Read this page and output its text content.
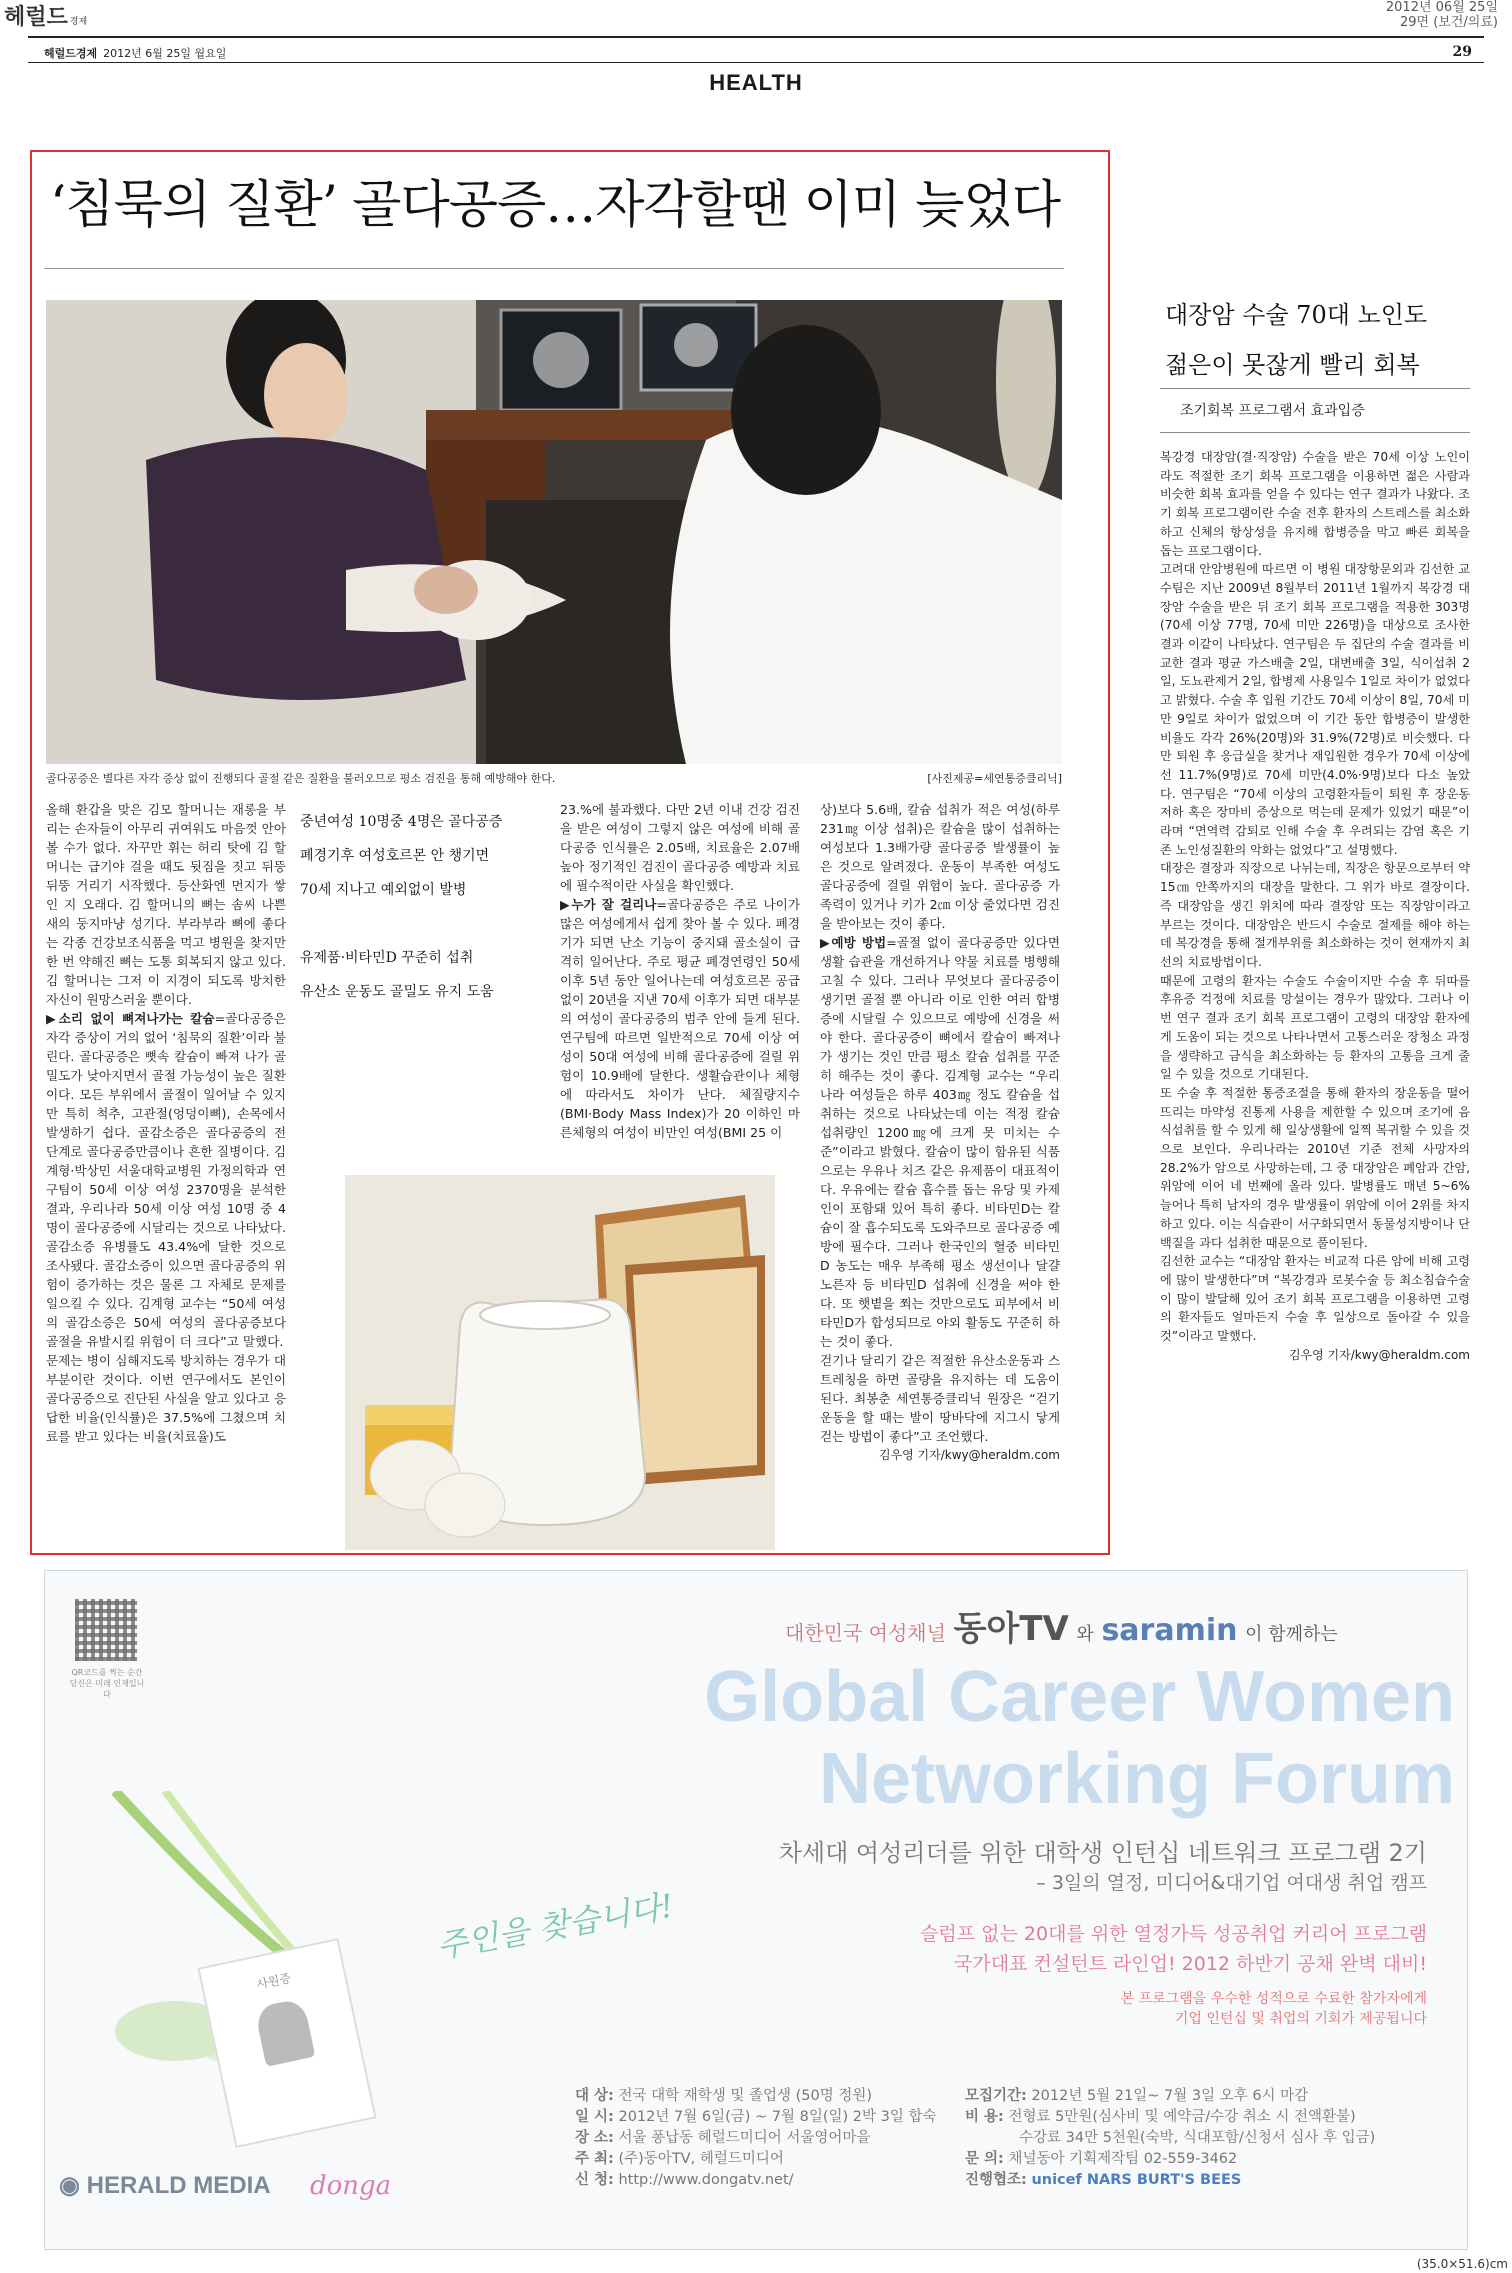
헤럴드 경제
2012년 06월 25일
29면 (보건/의료)
헤럴드경제 2012년 6월 25일 월요일	29
HEALTH
‘침묵의 질환’ 골다공증…자각할땐 이미 늦었다
골다공증은 별다른 자각 증상 없이 진행되다 골절 같은 질환을 불러오므로 평소 검진을 통해 예방해야 한다.	[사진제공=세연통증클리닉]
올해 환갑을 맞은 김모 할머니는 재롱을 부리는 손자들이 아무리 귀여워도 마음껏 안아볼 수가 없다. 자꾸만 휘는 허리 탓에 김 할머니는 급기야 걸을 때도 뒷짐을 짓고 뒤뚱뒤뚱 거리기 시작했다. 등산화엔 먼지가 쌓인 지 오래다. 김 할머니의 뼈는 솜씨 나쁜 새의 둥지마냥 성기다. 부라부라 뼈에 좋다는 각종 건강보조식품을 먹고 병원을 찾지만 한 번 약해진 뼈는 도통 회복되지 않고 있다. 김 할머니는 그저 이 지경이 되도록 방치한 자신이 원망스러울 뿐이다.
▶소리 없이 뼈져나가는 칼슘=골다공증은 자각 증상이 거의 없어 ‘침묵의 질환’이라 불린다. 골다공증은 뼛속 칼슘이 빠져 나가 골밀도가 낮아지면서 골절 가능성이 높은 질환이다. 모든 부위에서 골절이 일어날 수 있지만 특히 척추, 고관절(엉덩이뼈), 손목에서 발생하기 쉽다. 골감소증은 골다공증의 전 단계로 골다공증만큼이나 흔한 질병이다. 김계형·박상민 서울대학교병원 가정의학과 연구팀이 50세 이상 여성 2370명을 분석한 결과, 우리나라 50세 이상 여성 10명 중 4명이 골다공증에 시달리는 것으로 나타났다. 골감소증 유병률도 43.4%에 달한 것으로 조사됐다. 골감소증이 있으면 골다공증의 위험이 증가하는 것은 물론 그 자체로 문제를 일으킬 수 있다. 김계형 교수는 “50세 여성의 골감소증은 50세 여성의 골다공증보다 골절을 유발시킬 위험이 더 크다”고 말했다.
문제는 병이 심해지도록 방치하는 경우가 대부분이란 것이다. 이번 연구에서도 본인이 골다공증으로 진단된 사실을 알고 있다고 응답한 비율(인식률)은 37.5%에 그쳤으며 치료를 받고 있다는 비율(치료율)도
중년여성 10명중 4명은 골다공증
폐경기후 여성호르몬 안 챙기면
70세 지나고 예외없이 발병
유제품·비타민D 꾸준히 섭취
유산소 운동도 골밀도 유지 도움
23.%에 불과했다. 다만 2년 이내 건강 검진을 받은 여성이 그렇지 않은 여성에 비해 골다공증 인식률은 2.05배, 치료율은 2.07배 높아 정기적인 검진이 골다공증 예방과 치료에 필수적이란 사실을 확인했다.
▶누가 잘 걸리나=골다공증은 주로 나이가 많은 여성에게서 쉽게 찾아 볼 수 있다. 폐경기가 되면 난소 기능이 중지돼 골소실이 급격히 일어난다. 주로 평균 폐경연령인 50세 이후 5년 동안 일어나는데 여성호르몬 공급 없이 20년을 지낸 70세 이후가 되면 대부분의 여성이 골다공증의 범주 안에 들게 된다. 연구팀에 따르면 일반적으로 70세 이상 여성이 50대 여성에 비해 골다공증에 걸릴 위험이 10.9배에 달한다. 생활습관이나 체형에 따라서도 차이가 난다. 체질량지수(BMI·Body Mass Index)가 20 이하인 마른체형의 여성이 비만인 여성(BMI 25 이
상)보다 5.6배, 칼슘 섭취가 적은 여성(하루 231㎎ 이상 섭취)은 칼슘을 많이 섭취하는 여성보다 1.3배가량 골다공증 발생률이 높은 것으로 알려졌다. 운동이 부족한 여성도 골다공증에 걸릴 위험이 높다. 골다공증 가족력이 있거나 키가 2㎝ 이상 줄었다면 검진을 받아보는 것이 좋다.
▶예방 방법=골절 없이 골다공증만 있다면 생활 습관을 개선하거나 약물 치료를 병행해 고칠 수 있다. 그러나 무엇보다 골다공증이 생기면 골절 뿐 아니라 이로 인한 여러 합병증에 시달릴 수 있으므로 예방에 신경을 써야 한다. 골다공증이 뼈에서 칼슘이 빠져나가 생기는 것인 만큼 평소 칼슘 섭취를 꾸준히 해주는 것이 좋다. 김계형 교수는 “우리나라 여성들은 하루 403㎎ 정도 칼슘을 섭취하는 것으로 나타났는데 이는 적정 칼슘 섭취량인 1200㎎에 크게 못 미치는 수준”이라고 밝혔다. 칼슘이 많이 함유된 식품으로는 우유나 치즈 같은 유제품이 대표적이다. 우유에는 칼슘 흡수를 돕는 유당 및 카제인이 포함돼 있어 특히 좋다. 비타민D는 칼슘이 잘 흡수되도록 도와주므로 골다공증 예방에 필수다. 그러나 한국인의 혈중 비타민D 농도는 매우 부족해 평소 생선이나 달걀노른자 등 비타민D 섭취에 신경을 써야 한다. 또 햇볕을 쬐는 것만으로도 피부에서 비타민D가 합성되므로 야외 활동도 꾸준히 하는 것이 좋다.
걷기나 달리기 같은 적절한 유산소운동과 스트레칭을 하면 골량을 유지하는 데 도움이 된다. 최봉춘 세연통증클리닉 원장은 “걷기 운동을 할 때는 발이 땅바닥에 지그시 닿게 걷는 방법이 좋다”고 조언했다.
김우영 기자/kwy@heraldm.com
대장암 수술 70대 노인도
젊은이 못잖게 빨리 회복
조기회복 프로그램서 효과입증
복강경 대장암(결·직장암) 수술을 받은 70세 이상 노인이라도 적절한 조기 회복 프로그램을 이용하면 젊은 사람과 비슷한 회복 효과를 얻을 수 있다는 연구 결과가 나왔다. 조기 회복 프로그램이란 수술 전후 환자의 스트레스를 최소화하고 신체의 항상성을 유지해 합병증을 막고 빠른 회복을 돕는 프로그램이다.
고려대 안암병원에 따르면 이 병원 대장항문외과 김선한 교수팀은 지난 2009년 8월부터 2011년 1월까지 복강경 대장암 수술을 받은 뒤 조기 회복 프로그램을 적용한 303명(70세 이상 77명, 70세 미만 226명)을 대상으로 조사한 결과 이같이 나타났다. 연구팀은 두 집단의 수술 결과를 비교한 결과 평균 가스배출 2일, 대변배출 3일, 식이섭취 2일, 도뇨관제거 2일, 합병제 사용일수 1일로 차이가 없었다고 밝혔다. 수술 후 입원 기간도 70세 이상이 8일, 70세 미만 9일로 차이가 없었으며 이 기간 동안 합병증이 발생한 비율도 각각 26%(20명)와 31.9%(72명)로 비슷했다. 다만 퇴원 후 응급실을 찾거나 재입원한 경우가 70세 이상에선 11.7%(9명)로 70세 미만(4.0%·9명)보다 다소 높았다. 연구팀은 “70세 이상의 고령환자들이 퇴원 후 장운동 저하 혹은 장마비 증상으로 먹는데 문제가 있었기 때문”이라며 “면역력 감퇴로 인해 수술 후 우려되는 감염 혹은 기존 노인성질환의 악화는 없었다”고 설명했다.
대장은 결장과 직장으로 나뉘는데, 직장은 항문으로부터 약 15㎝ 안쪽까지의 대장을 말한다. 그 위가 바로 결장이다. 즉 대장암을 생긴 위치에 따라 결장암 또는 직장암이라고 부르는 것이다. 대장암은 반드시 수술로 절제를 해야 하는데 복강경을 통해 절개부위를 최소화하는 것이 현재까지 최선의 치료방법이다.
때문에 고령의 환자는 수술도 수술이지만 수술 후 뒤따를 후유증 걱정에 치료를 망설이는 경우가 많았다. 그러나 이번 연구 결과 조기 회복 프로그램이 고령의 대장암 환자에게 도움이 되는 것으로 나타나면서 고통스러운 장청소 과정을 생략하고 금식을 최소화하는 등 환자의 고통을 크게 줄일 수 있을 것으로 기대된다.
또 수술 후 적절한 통증조절을 통해 환자의 장운동을 떨어뜨리는 마약성 진통제 사용을 제한할 수 있으며 조기에 음식섭취를 할 수 있게 해 일상생활에 일찍 복귀할 수 있을 것으로 보인다. 우리나라는 2010년 기준 전체 사망자의 28.2%가 암으로 사망하는데, 그 중 대장암은 폐암과 간암, 위암에 이어 네 번째에 올라 있다. 발병률도 매년 5~6% 늘어나 특히 남자의 경우 발생률이 위암에 이어 2위를 차지하고 있다. 이는 식습관이 서구화되면서 동물성지방이나 단백질을 과다 섭취한 때문으로 풀이된다.
김선한 교수는 “대장암 환자는 비교적 다른 암에 비해 고령에 많이 발생한다”며 “복강경과 로봇수술 등 최소침습수술이 많이 발달해 있어 조기 회복 프로그램을 이용하면 고령의 환자들도 얼마든지 수술 후 일상으로 돌아갈 수 있을 것”이라고 말했다.
김우영 기자/kwy@heraldm.com
QR코드를 찍는 순간 당신은 미래 인재입니다
대한민국 여성채널 동아TV 와 saramin 이 함께하는
Global Career Women
Networking Forum
차세대 여성리더를 위한 대학생 인턴십 네트워크 프로그램 2기
– 3일의 열정, 미디어&대기업 여대생 취업 캠프
슬럼프 없는 20대를 위한 열정가득 성공취업 커리어 프로그램
국가대표 컨설턴트 라인업! 2012 하반기 공채 완벽 대비!
본 프로그램을 우수한 성적으로 수료한 참가자에게
기업 인턴십 및 취업의 기회가 제공됩니다
사원증
주인을 찾습니다!
대 상: 전국 대학 재학생 및 졸업생 (50명 정원)
일 시: 2012년 7월 6일(금) ~ 7월 8일(일) 2박 3일 합숙
장 소: 서울 퐁납동 헤럴드미디어 서울영어마을
주 최: (주)동아TV, 헤럴드미디어
신 청: http://www.dongatv.net/
모집기간: 2012년 5월 21일~ 7월 3일 오후 6시 마감
비 용: 전형료 5만원(심사비 및 예약금/수강 취소 시 전액환불)
수강료 34만 5천원(숙박, 식대포함/신청서 심사 후 입금)
문 의: 채널동아 기획제작팀 02-559-3462
진행협조: unicef NARS BURT'S BEES
◉ HERALD MEDIA donga
(35.0×51.6)cm
